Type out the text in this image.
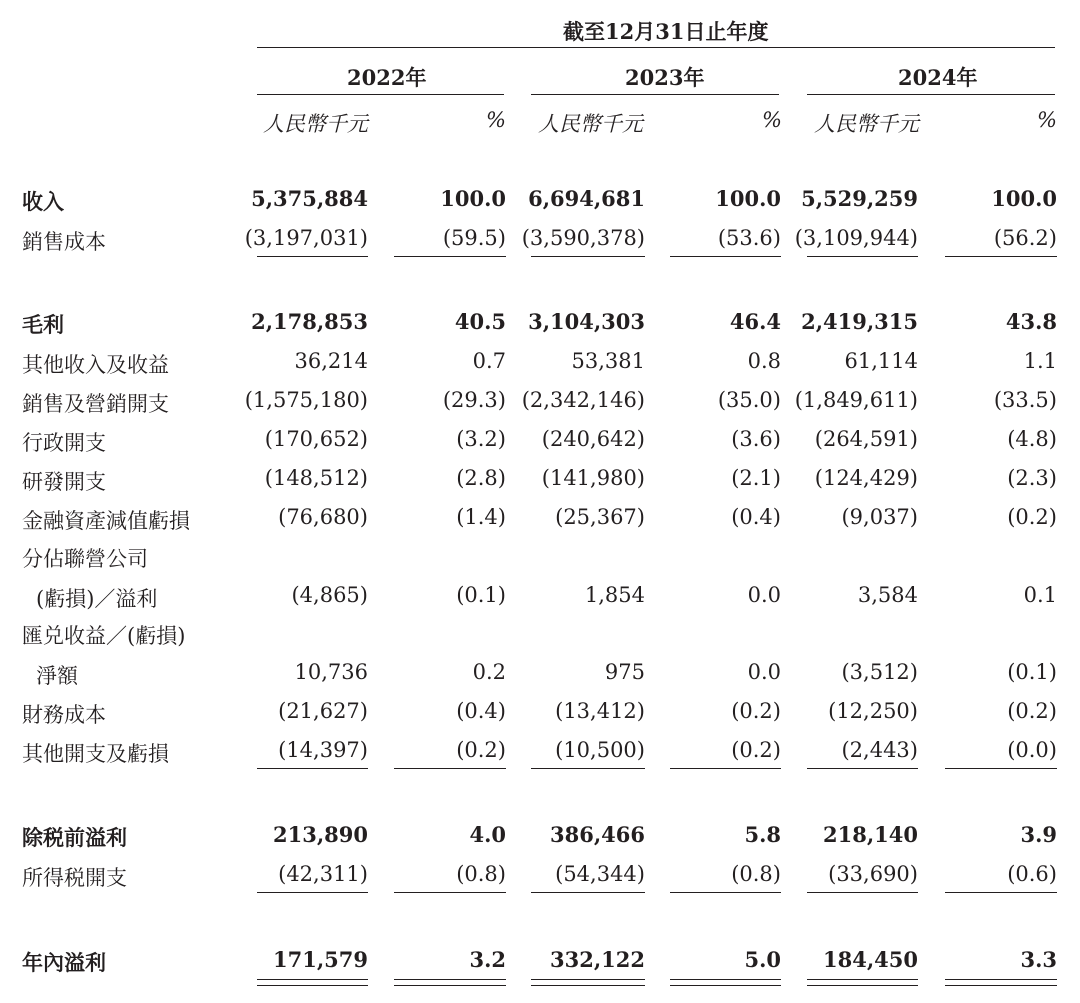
截至12月31日止年度
2022年	2023年	2024年
人民幣千元	% 人民幣千元	% 人民幣千元	%
收入	5,375,884	100.0 6,694,681	100.0 5,529,259	100.0
銷售成本	(3,197,031)	(59.5) (3,590,378)	(53.6) (3,109,944)	(56.2)
毛利	2,178,853	40.5 3,104,303	46.4 2,419,315	43.8
其他收入及收益	36,214	0.7	53,381	0.8	61,114	1.1
銷售及營銷開支	(1,575,180)	(29.3) (2,342,146)	(35.0) (1,849,611)	(33.5)
行政開支	(170,652)	(3.2) (240,642)	(3.6) (264,591)	(4.8)
研發開支	(148,512)	(2.8) (141,980)	(2.1) (124,429)	(2.3)
金融資產減值虧損	(76,680)	(1.4) (25,367)	(0.4)	(9,037)	(0.2)
分佔聯營公司
(虧損)／溢利	(4,865)	(0.1)	1,854	0.0	3,584	0.1
匯兑收益／(虧損)
淨額	10,736	0.2	975	0.0	(3,512)	(0.1)
財務成本	(21,627)	(0.4) (13,412)	(0.2) (12,250)	(0.2)
其他開支及虧損	(14,397)	(0.2) (10,500)	(0.2)	(2,443)	(0.0)
除税前溢利	213,890	4.0 386,466	5.8 218,140	3.9
所得税開支	(42,311)	(0.8) (54,344)	(0.8) (33,690)	(0.6)
年內溢利	171,579	3.2 332,122	5.0 184,450	3.3
